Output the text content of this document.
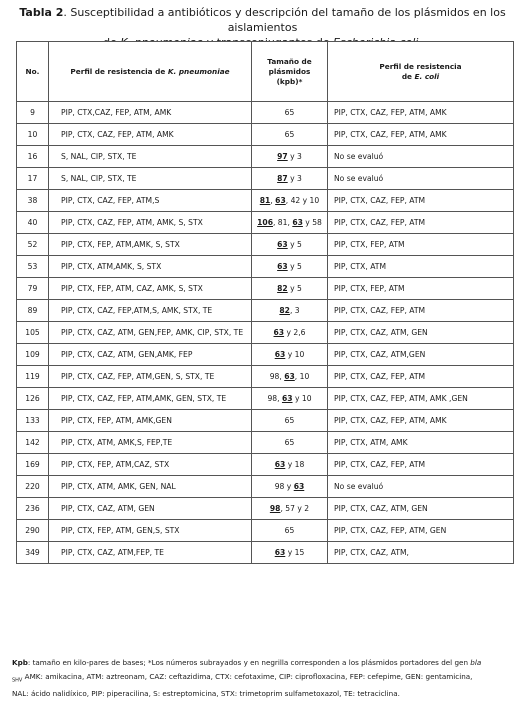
Tabla 2. Susceptibilidad a antibióticos y descripción del tamaño de los plásmidos en los aislamientos

No.	Perfil de resistencia de K. pneumoniae	Tamaño de
plásmidos
(kpb)*	Perfil de resistencia
de E. coli
9	PIP, CTX,CAZ, FEP, ATM, AMK	65	PIP, CTX, CAZ, FEP, ATM, AMK
10	PIP, CTX, CAZ, FEP, ATM, AMK	65	PIP, CTX, CAZ, FEP, ATM, AMK
16	S, NAL, CIP, STX, TE	97 y 3	No se evaluó
17	S, NAL, CIP, STX, TE	87 y 3	No se evaluó
38	PIP, CTX, CAZ, FEP, ATM,S	81, 63, 42 y 10	PIP, CTX, CAZ, FEP, ATM
40	PIP, CTX, CAZ, FEP, ATM, AMK, S, STX	106, 81, 63 y 58	PIP, CTX, CAZ, FEP, ATM
52	PIP, CTX, FEP, ATM,AMK, S, STX	63 y 5	PIP, CTX, FEP, ATM
53	PIP, CTX, ATM,AMK, S, STX	63 y 5	PIP, CTX, ATM
79	PIP, CTX, FEP, ATM, CAZ, AMK, S, STX	82 y 5	PIP, CTX, FEP, ATM
89	PIP, CTX, CAZ, FEP,ATM,S, AMK, STX, TE	82, 3	PIP, CTX, CAZ, FEP, ATM
105	PIP, CTX, CAZ, ATM, GEN,FEP, AMK, CIP, STX, TE	63 y 2,6	PIP, CTX, CAZ, ATM, GEN
109	PIP, CTX, CAZ, ATM, GEN,AMK, FEP	63 y 10	PIP, CTX, CAZ, ATM,GEN
119	PIP, CTX, CAZ, FEP, ATM,GEN, S, STX, TE	98, 63, 10	PIP, CTX, CAZ, FEP, ATM
126	PIP, CTX, CAZ, FEP, ATM,AMK, GEN, STX, TE	98, 63 y 10	PIP, CTX, CAZ, FEP, ATM, AMK ,GEN
133	PIP, CTX, FEP, ATM, AMK,GEN	65	PIP, CTX, CAZ, FEP, ATM, AMK
142	PIP, CTX, ATM, AMK,S, FEP,TE	65	PIP, CTX, ATM, AMK
169	PIP, CTX, FEP, ATM,CAZ, STX	63 y 18	PIP, CTX, CAZ, FEP, ATM
220	PIP, CTX, ATM, AMK, GEN, NAL	98 y 63	No se evaluó
236	PIP, CTX, CAZ, ATM, GEN	98, 57 y 2	PIP, CTX, CAZ, ATM, GEN
290	PIP, CTX, FEP, ATM, GEN,S, STX	65	PIP, CTX, CAZ, FEP, ATM, GEN
349	PIP, CTX, CAZ, ATM,FEP, TE	63 y 15	PIP, CTX, CAZ, ATM,
Kpb: tamaño en kilo-pares de bases; *Los números subrayados y en negrilla corresponden a los plásmidos portadores del gen bla
$_{SHV}$ AMK: amikacina, ATM: aztreonam, CAZ: ceftazidima, CTX: cefotaxime, CIP: ciprofloxacina, FEP: cefepime, GEN: gentamicina,
NAL: ácido nalidíxico, PIP: piperacilina, S: estreptomicina, STX: trimetoprim sulfametoxazol, TE: tetraciclina.
